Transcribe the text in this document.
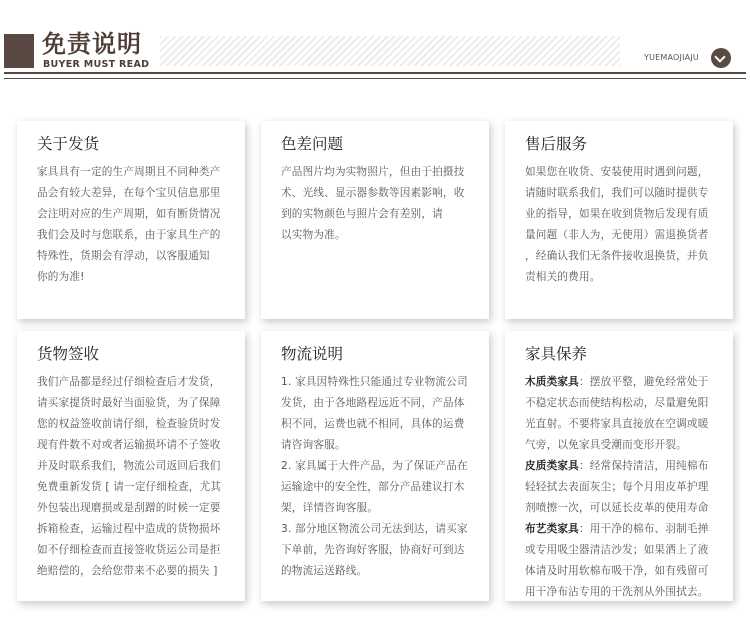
免责说明
BUYER MUST READ
YUEMAOJIAJU
关于发货

家具具有一定的生产周期且不同种类产

品会有较大差异，在每个宝贝信息那里

会注明对应的生产周期，如有断货情况

我们会及时与您联系，由于家具生产的

特殊性，货期会有浮动，以客服通知

你的为准!

色差问题

产品图片均为实物照片，但由于拍摄技

术、光线、显示器参数等因素影响，收

到的实物颜色与照片会有差别，请

以实物为准。

售后服务

如果您在收货、安装使用时遇到问题，

请随时联系我们，我们可以随时提供专

业的指导，如果在收到货物后发现有质

量问题（非人为，无使用）需退换货者

，经确认我们无条件接收退换货，并负

责相关的费用。

货物签收

我们产品都是经过仔细检查后才发货，

请买家提货时最好当面验货，为了保障

您的权益签收前请仔细，检查验货时发

现有件数不对或者运输损坏请不子签收

并及时联系我们，物流公司返回后我们

免费重新发货 [ 请一定仔细检查，尤其

外包装出现磨损或是刮蹭的时候一定要

拆箱检查，运输过程中造成的货物损坏

如不仔细检查而直接签收货运公司是拒

绝赔偿的，会给您带来不必要的损失 ]

物流说明

1. 家具因特殊性只能通过专业物流公司

发货，由于各地路程远近不同，产品体

积不同，运费也就不相同，具体的运费

请咨询客服。

2. 家具属于大件产品，为了保证产品在

运输途中的安全性，部分产品建议打木

架，详情咨询客服。

3. 部分地区物流公司无法到达，请买家

下单前，先咨询好客服，协商好可到达

的物流运送路线。

家具保养

木质类家具：摆放平整，避免经常处于

不稳定状态而使结构松动，尽量避免阳

光直射。不要将家具直接放在空调或暖

气旁，以免家具受潮而变形开裂。

皮质类家具：经常保持清洁，用纯棉布

轻轻拭去表面灰尘；每个月用皮革护理

剂喷擦一次，可以延长皮革的使用寿命

布艺类家具：用干净的棉布、羽制毛掸

或专用吸尘器清洁沙发；如果洒上了液

体请及时用软棉布吸干净，如有残留可

用干净布沾专用的干洗剂从外围拭去。
